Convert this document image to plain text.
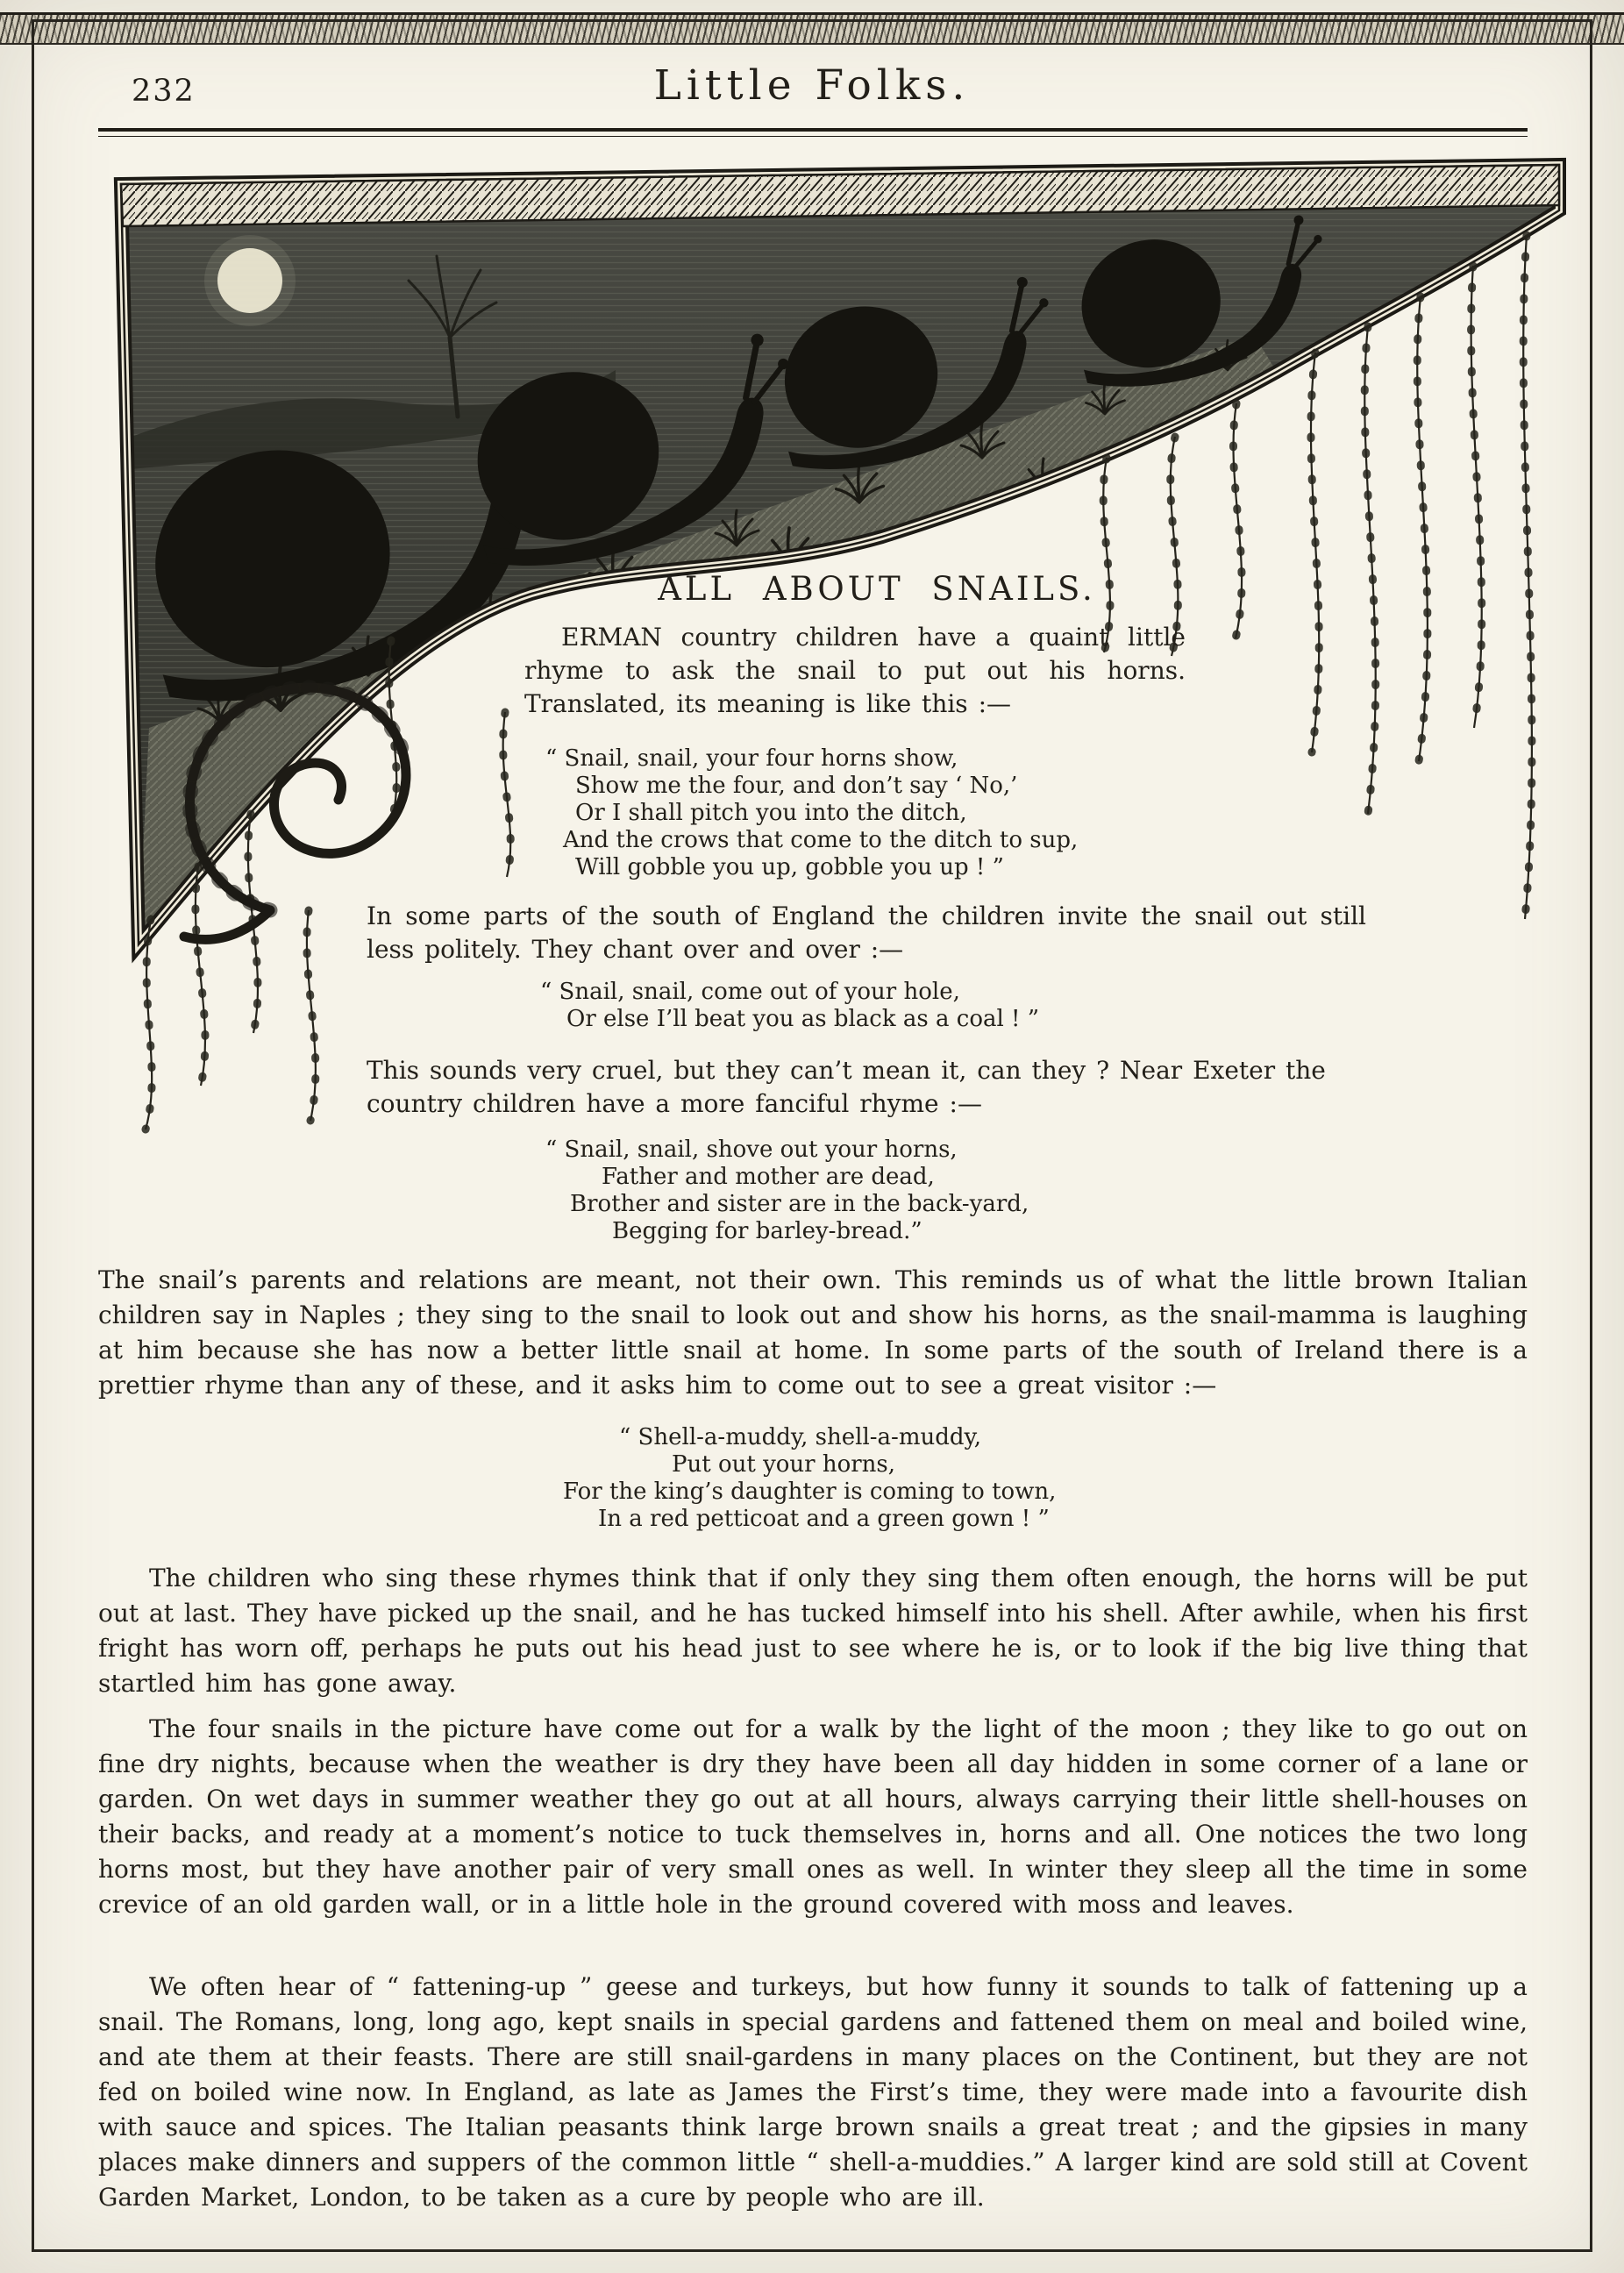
232	Little Folks.
ALL ABOUT SNAILS.
ERMAN country children have a quaint little rhyme to ask the snail to put out his horns. Translated, its meaning is like this :—
“ Snail, snail, your four horns show,
Show me the four, and don’t say ‘ No,’
Or I shall pitch you into the ditch,
And the crows that come to the ditch to sup,
Will gobble you up, gobble you up ! ”
In some parts of the south of England the children invite the snail out still less politely. They chant over and over :—
“ Snail, snail, come out of your hole,
Or else I’ll beat you as black as a coal ! ”
This sounds very cruel, but they can’t mean it, can they ? Near Exeter the country children have a more fanciful rhyme :—
“ Snail, snail, shove out your horns,
Father and mother are dead,
Brother and sister are in the back-yard,
Begging for barley-bread.”
The snail’s parents and relations are meant, not their own. This reminds us of what the little brown Italian children say in Naples ; they sing to the snail to look out and show his horns, as the snail-mamma is laughing at him because she has now a better little snail at home. In some parts of the south of Ireland there is a prettier rhyme than any of these, and it asks him to come out to see a great visitor :—
“ Shell-a-muddy, shell-a-muddy,
Put out your horns,
For the king’s daughter is coming to town,
In a red petticoat and a green gown ! ”
The children who sing these rhymes think that if only they sing them often enough, the horns will be put out at last. They have picked up the snail, and he has tucked himself into his shell. After awhile, when his first fright has worn off, perhaps he puts out his head just to see where he is, or to look if the big live thing that startled him has gone away.
The four snails in the picture have come out for a walk by the light of the moon ; they like to go out on fine dry nights, because when the weather is dry they have been all day hidden in some corner of a lane or garden. On wet days in summer weather they go out at all hours, always carrying their little shell-houses on their backs, and ready at a moment’s notice to tuck themselves in, horns and all. One notices the two long horns most, but they have another pair of very small ones as well. In winter they sleep all the time in some crevice of an old garden wall, or in a little hole in the ground covered with moss and leaves.
We often hear of “ fattening-up ” geese and turkeys, but how funny it sounds to talk of fattening up a snail. The Romans, long, long ago, kept snails in special gardens and fattened them on meal and boiled wine, and ate them at their feasts. There are still snail-gardens in many places on the Continent, but they are not fed on boiled wine now. In England, as late as James the First’s time, they were made into a favourite dish with sauce and spices. The Italian peasants think large brown snails a great treat ; and the gipsies in many places make dinners and suppers of the common little “ shell-a-muddies.” A larger kind are sold still at Covent Garden Market, London, to be taken as a cure by people who are ill.
